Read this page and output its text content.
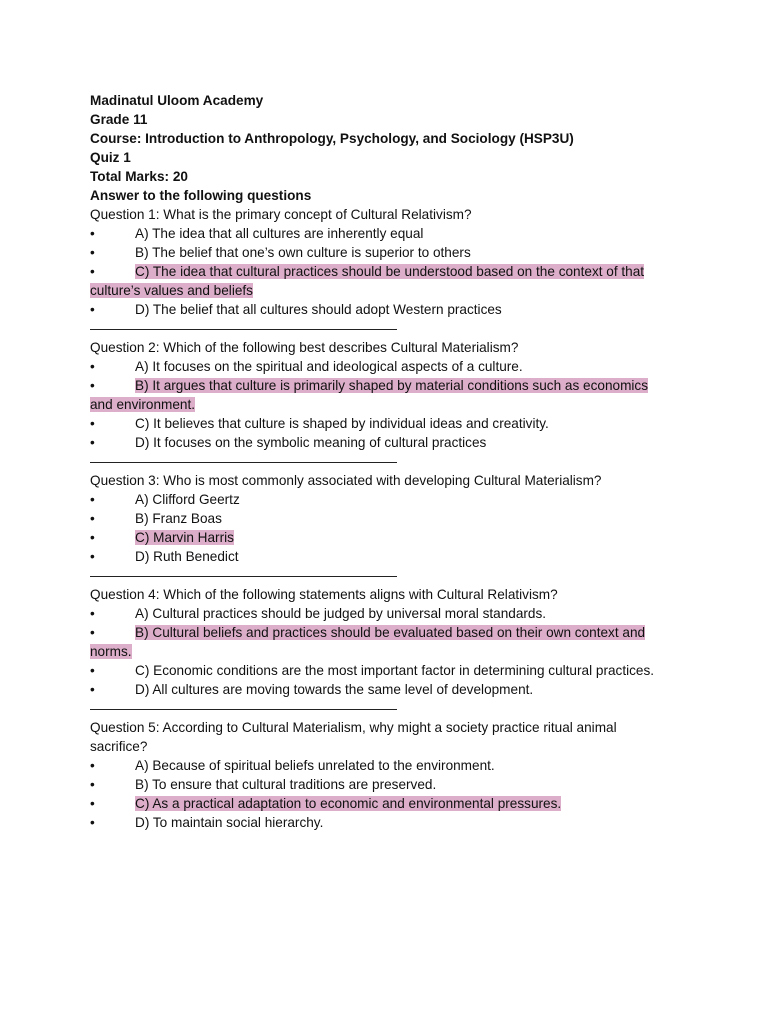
Madinatul Uloom Academy
Grade 11
Course: Introduction to Anthropology, Psychology, and Sociology (HSP3U)
Quiz 1
Total Marks: 20
Answer to the following questions
Question 1: What is the primary concept of Cultural Relativism?
•	A) The idea that all cultures are inherently equal
•	B) The belief that one’s own culture is superior to others
•	C) The idea that cultural practices should be understood based on the context of that culture’s values and beliefs
•	D) The belief that all cultures should adopt Western practices
Question 2: Which of the following best describes Cultural Materialism?
•	A) It focuses on the spiritual and ideological aspects of a culture.
•	B) It argues that culture is primarily shaped by material conditions such as economics and environment.
•	C) It believes that culture is shaped by individual ideas and creativity.
•	D) It focuses on the symbolic meaning of cultural practices
Question 3: Who is most commonly associated with developing Cultural Materialism?
•	A) Clifford Geertz
•	B) Franz Boas
•	C) Marvin Harris
•	D) Ruth Benedict
Question 4: Which of the following statements aligns with Cultural Relativism?
•	A) Cultural practices should be judged by universal moral standards.
•	B) Cultural beliefs and practices should be evaluated based on their own context and norms.
•	C) Economic conditions are the most important factor in determining cultural practices.
•	D) All cultures are moving towards the same level of development.
Question 5: According to Cultural Materialism, why might a society practice ritual animal sacrifice?
•	A) Because of spiritual beliefs unrelated to the environment.
•	B) To ensure that cultural traditions are preserved.
•	C) As a practical adaptation to economic and environmental pressures.
•	D) To maintain social hierarchy.
